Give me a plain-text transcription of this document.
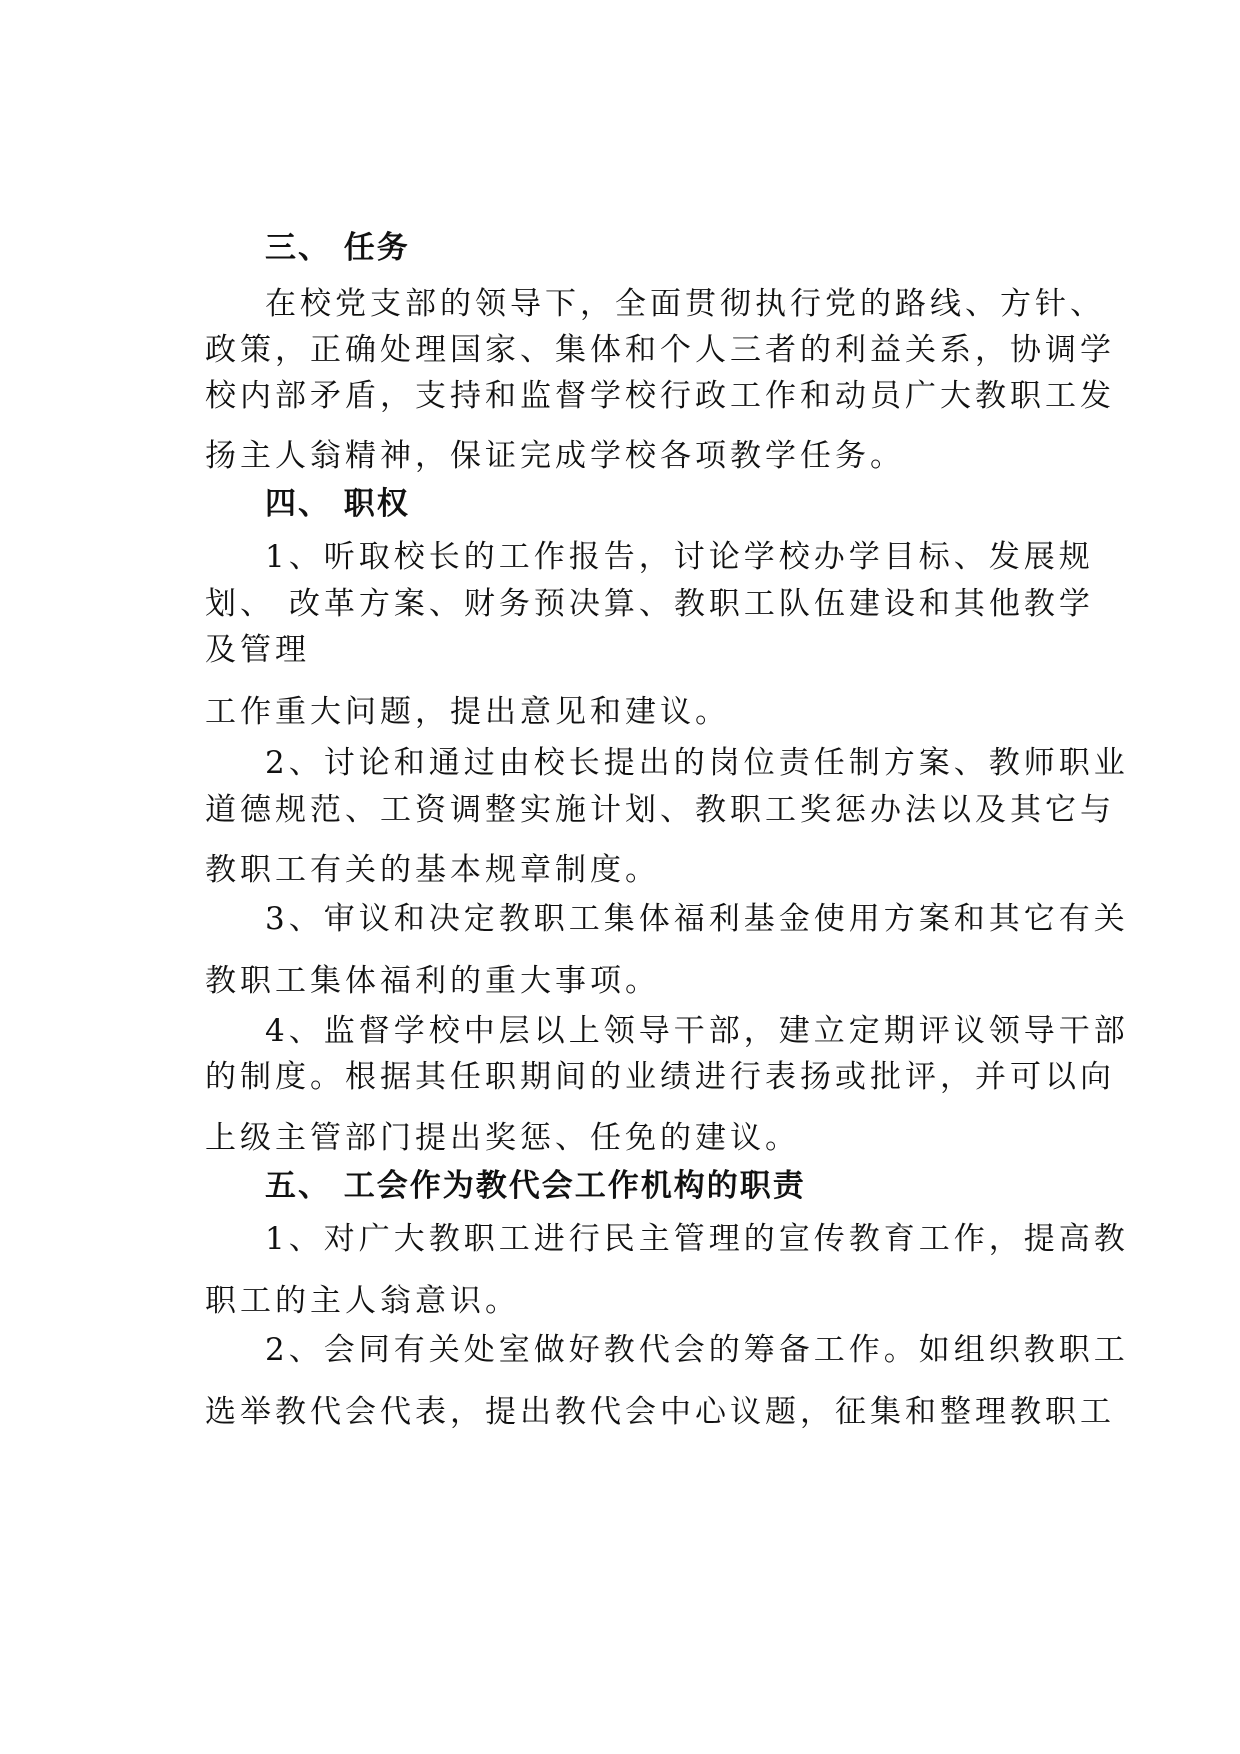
三、 任务
在校党支部的领导下，全面贯彻执行党的路线、方针、
政策，正确处理国家、集体和个人三者的利益关系，协调学
校内部矛盾，支持和监督学校行政工作和动员广大教职工发
扬主人翁精神，保证完成学校各项教学任务。
四、 职权
1、听取校长的工作报告，讨论学校办学目标、发展规
划、 改革方案、财务预决算、教职工队伍建设和其他教学
及管理
工作重大问题，提出意见和建议。
2、讨论和通过由校长提出的岗位责任制方案、教师职业
道德规范、工资调整实施计划、教职工奖惩办法以及其它与
教职工有关的基本规章制度。
3、审议和决定教职工集体福利基金使用方案和其它有关
教职工集体福利的重大事项。
4、监督学校中层以上领导干部，建立定期评议领导干部
的制度。根据其任职期间的业绩进行表扬或批评，并可以向
上级主管部门提出奖惩、任免的建议。
五、 工会作为教代会工作机构的职责
1、对广大教职工进行民主管理的宣传教育工作，提高教
职工的主人翁意识。
2、会同有关处室做好教代会的筹备工作。如组织教职工
选举教代会代表，提出教代会中心议题，征集和整理教职工
